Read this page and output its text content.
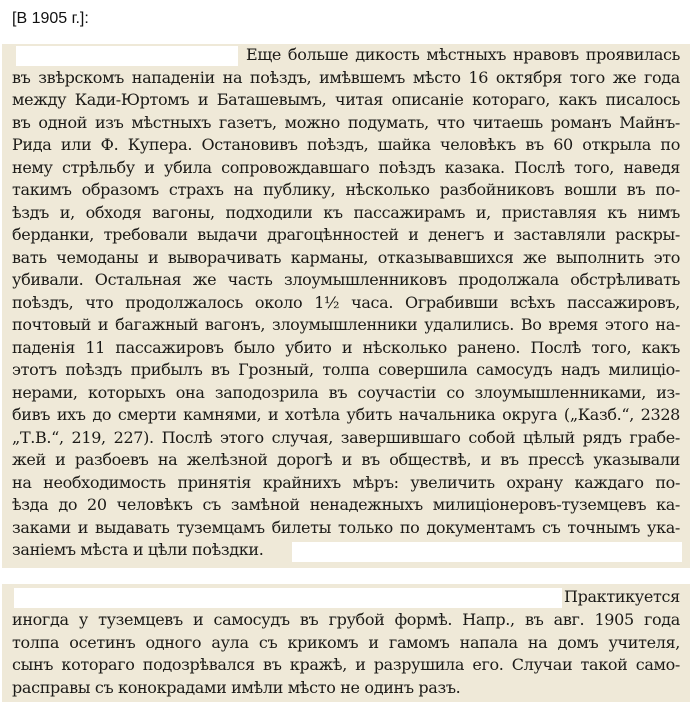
[В 1905 г.]:
Еще больше дикость мѣстныхъ нравовъ проявилась
въ звѣрскомъ нападеніи на поѣздъ, имѣвшемъ мѣсто 16 октября того же года
между Кади-Юртомъ и Баташевымъ, читая описаніе котораго, какъ писалось
въ одной изъ мѣстныхъ газетъ, можно подумать, что читаешь романъ Майнъ-
Рида или Ф. Купера. Остановивъ поѣздъ, шайка человѣкъ въ 60 открыла по
нему стрѣльбу и убила сопровождавшаго поѣздъ казака. Послѣ того, наведя
такимъ образомъ страхъ на публику, нѣсколько разбойниковъ вошли въ по-
ѣздъ и, обходя вагоны, подходили къ пассажирамъ и, приставляя къ нимъ
берданки, требовали выдачи драгоцѣнностей и денегъ и заставляли раскры-
вать чемоданы и выворачивать карманы, отказывавшихся же выполнить это
убивали. Остальная же часть злоумышленниковъ продолжала обстрѣливать
поѣздъ, что продолжалось около 1½ часа. Ограбивши всѣхъ пассажировъ,
почтовый и багажный вагонъ, злоумышленники удалились. Во время этого на-
паденія 11 пассажировъ было убито и нѣсколько ранено. Послѣ того, какъ
этотъ поѣздъ прибылъ въ Грозный, толпа совершила самосудъ надъ милиціо-
нерами, которыхъ она заподозрила въ соучастіи со злоумышленниками, из-
бивъ ихъ до смерти камнями, и хотѣла убить начальника округа („Казб.“, 2328
„Т.В.“, 219, 227). Послѣ этого случая, завершившаго собой цѣлый рядъ грабе-
жей и разбоевъ на желѣзной дорогѣ и въ обществѣ, и въ прессѣ указывали
на необходимость принятія крайнихъ мѣръ: увеличить охрану каждаго по-
ѣзда до 20 человѣкъ съ замѣной ненадежныхъ милиціонеровъ-туземцевъ ка-
заками и выдавать туземцамъ билеты только по документамъ съ точнымъ ука-
заніемъ мѣста и цѣли поѣздки.
Практикуется
иногда у туземцевъ и самосудъ въ грубой формѣ. Напр., въ авг. 1905 года
толпа осетинъ одного аула съ крикомъ и гамомъ напала на домъ учителя,
сынъ котораго подозрѣвался въ кражѣ, и разрушила его. Случаи такой само-
расправы съ конокрадами имѣли мѣсто не одинъ разъ.
